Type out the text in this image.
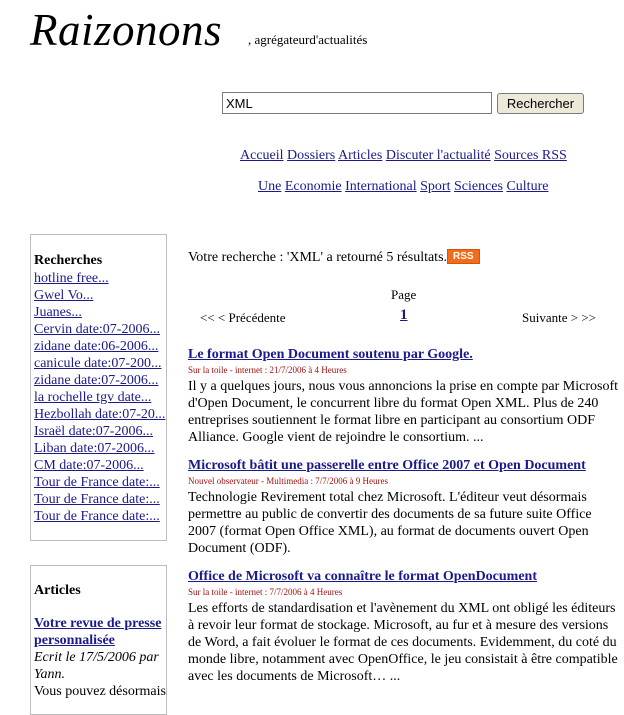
Raizonons , agrégateurd'actualités
XML
Rechercher
Accueil Dossiers Articles Discuter l'actualité Sources RSS
Une Economie International Sport Sciences Culture
Recherches
hotline free...
Gwel Vo...
Juanes...
Cervin date:07-2006...
zidane date:06-2006...
canicule date:07-200...
zidane date:07-2006...
la rochelle tgv date...
Hezbollah date:07-20...
Israël date:07-2006...
Liban date:07-2006...
CM date:07-2006...
Tour de France date:...
Tour de France date:...
Tour de France date:...
Articles
Votre revue de presse personnalisée
Ecrit le 17/5/2006 par Yann.
Vous pouvez désormais
Votre recherche : 'XML' a retourné 5 résultats. RSS
Page
<< < Précédente	1	Suivante > >>
Le format Open Document soutenu par Google.
Sur la toile - internet : 21/7/2006 à 4 Heures
Il y a quelques jours, nous vous annoncions la prise en compte par Microsoft d'Open Document, le concurrent libre du format Open XML. Plus de 240 entreprises soutiennent le format libre en participant au consortium ODF Alliance. Google vient de rejoindre le consortium. ...
Microsoft bâtit une passerelle entre Office 2007 et Open Document
Nouvel observateur - Multimedia : 7/7/2006 à 9 Heures
Technologie Revirement total chez Microsoft. L'éditeur veut désormais permettre au public de convertir des documents de sa future suite Office 2007 (format Open Office XML), au format de documents ouvert Open Document (ODF).
Office de Microsoft va connaître le format OpenDocument
Sur la toile - internet : 7/7/2006 à 4 Heures
Les efforts de standardisation et l'avènement du XML ont obligé les éditeurs à revoir leur format de stockage. Microsoft, au fur et à mesure des versions de Word, a fait évoluer le format de ces documents. Evidemment, du coté du monde libre, notamment avec OpenOffice, le jeu consistait à être compatible avec les documents de Microsoft… ...
